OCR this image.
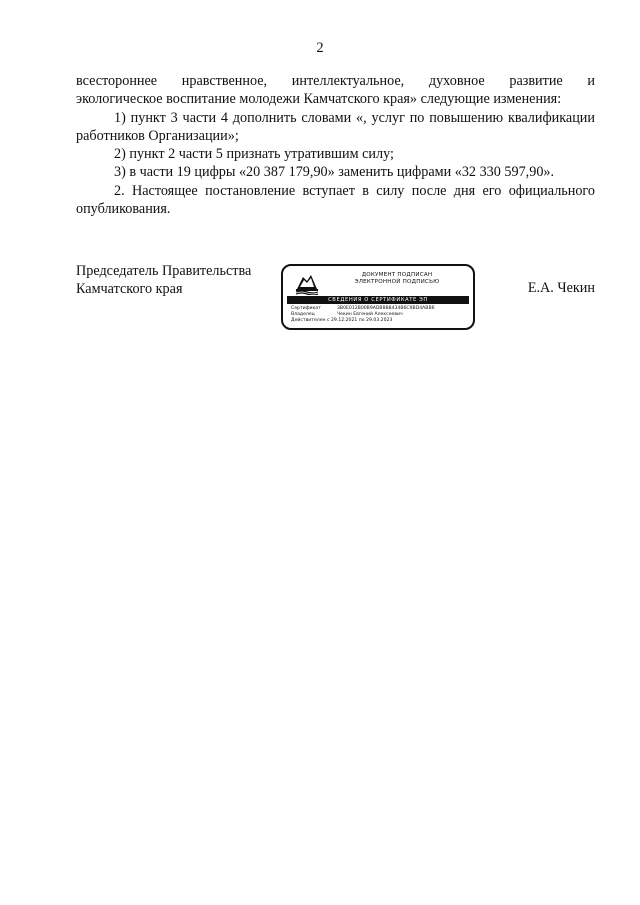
2

всестороннее нравственное, интеллектуальное, духовное развитие и

экологическое воспитание молодежи Камчатского края» следующие изменения:

1) пункт 3 части 4 дополнить словами «, услуг по повышению квалификации работников Организации»;

2) пункт 2 части 5 признать утратившим силу;

3) в части 19 цифры «20 387 179,90» заменить цифрами «32 330 597,90».

2. Настоящее постановление вступает в силу после дня его официального опубликования.

Председатель Правительства
Камчатского края
ДОКУМЕНТ ПОДПИСАН
ЭЛЕКТРОННОЙ ПОДПИСЬЮ
СВЕДЕНИЯ О СЕРТИФИКАТЕ ЭП
Сертификат	3B0E012B00B9ADB8B8434B6C9BD4ABB6
Владелец	Чекин Евгений Алексеевич
Действителен с 29.12.2021 по 29.03.2023
Е.А. Чекин
